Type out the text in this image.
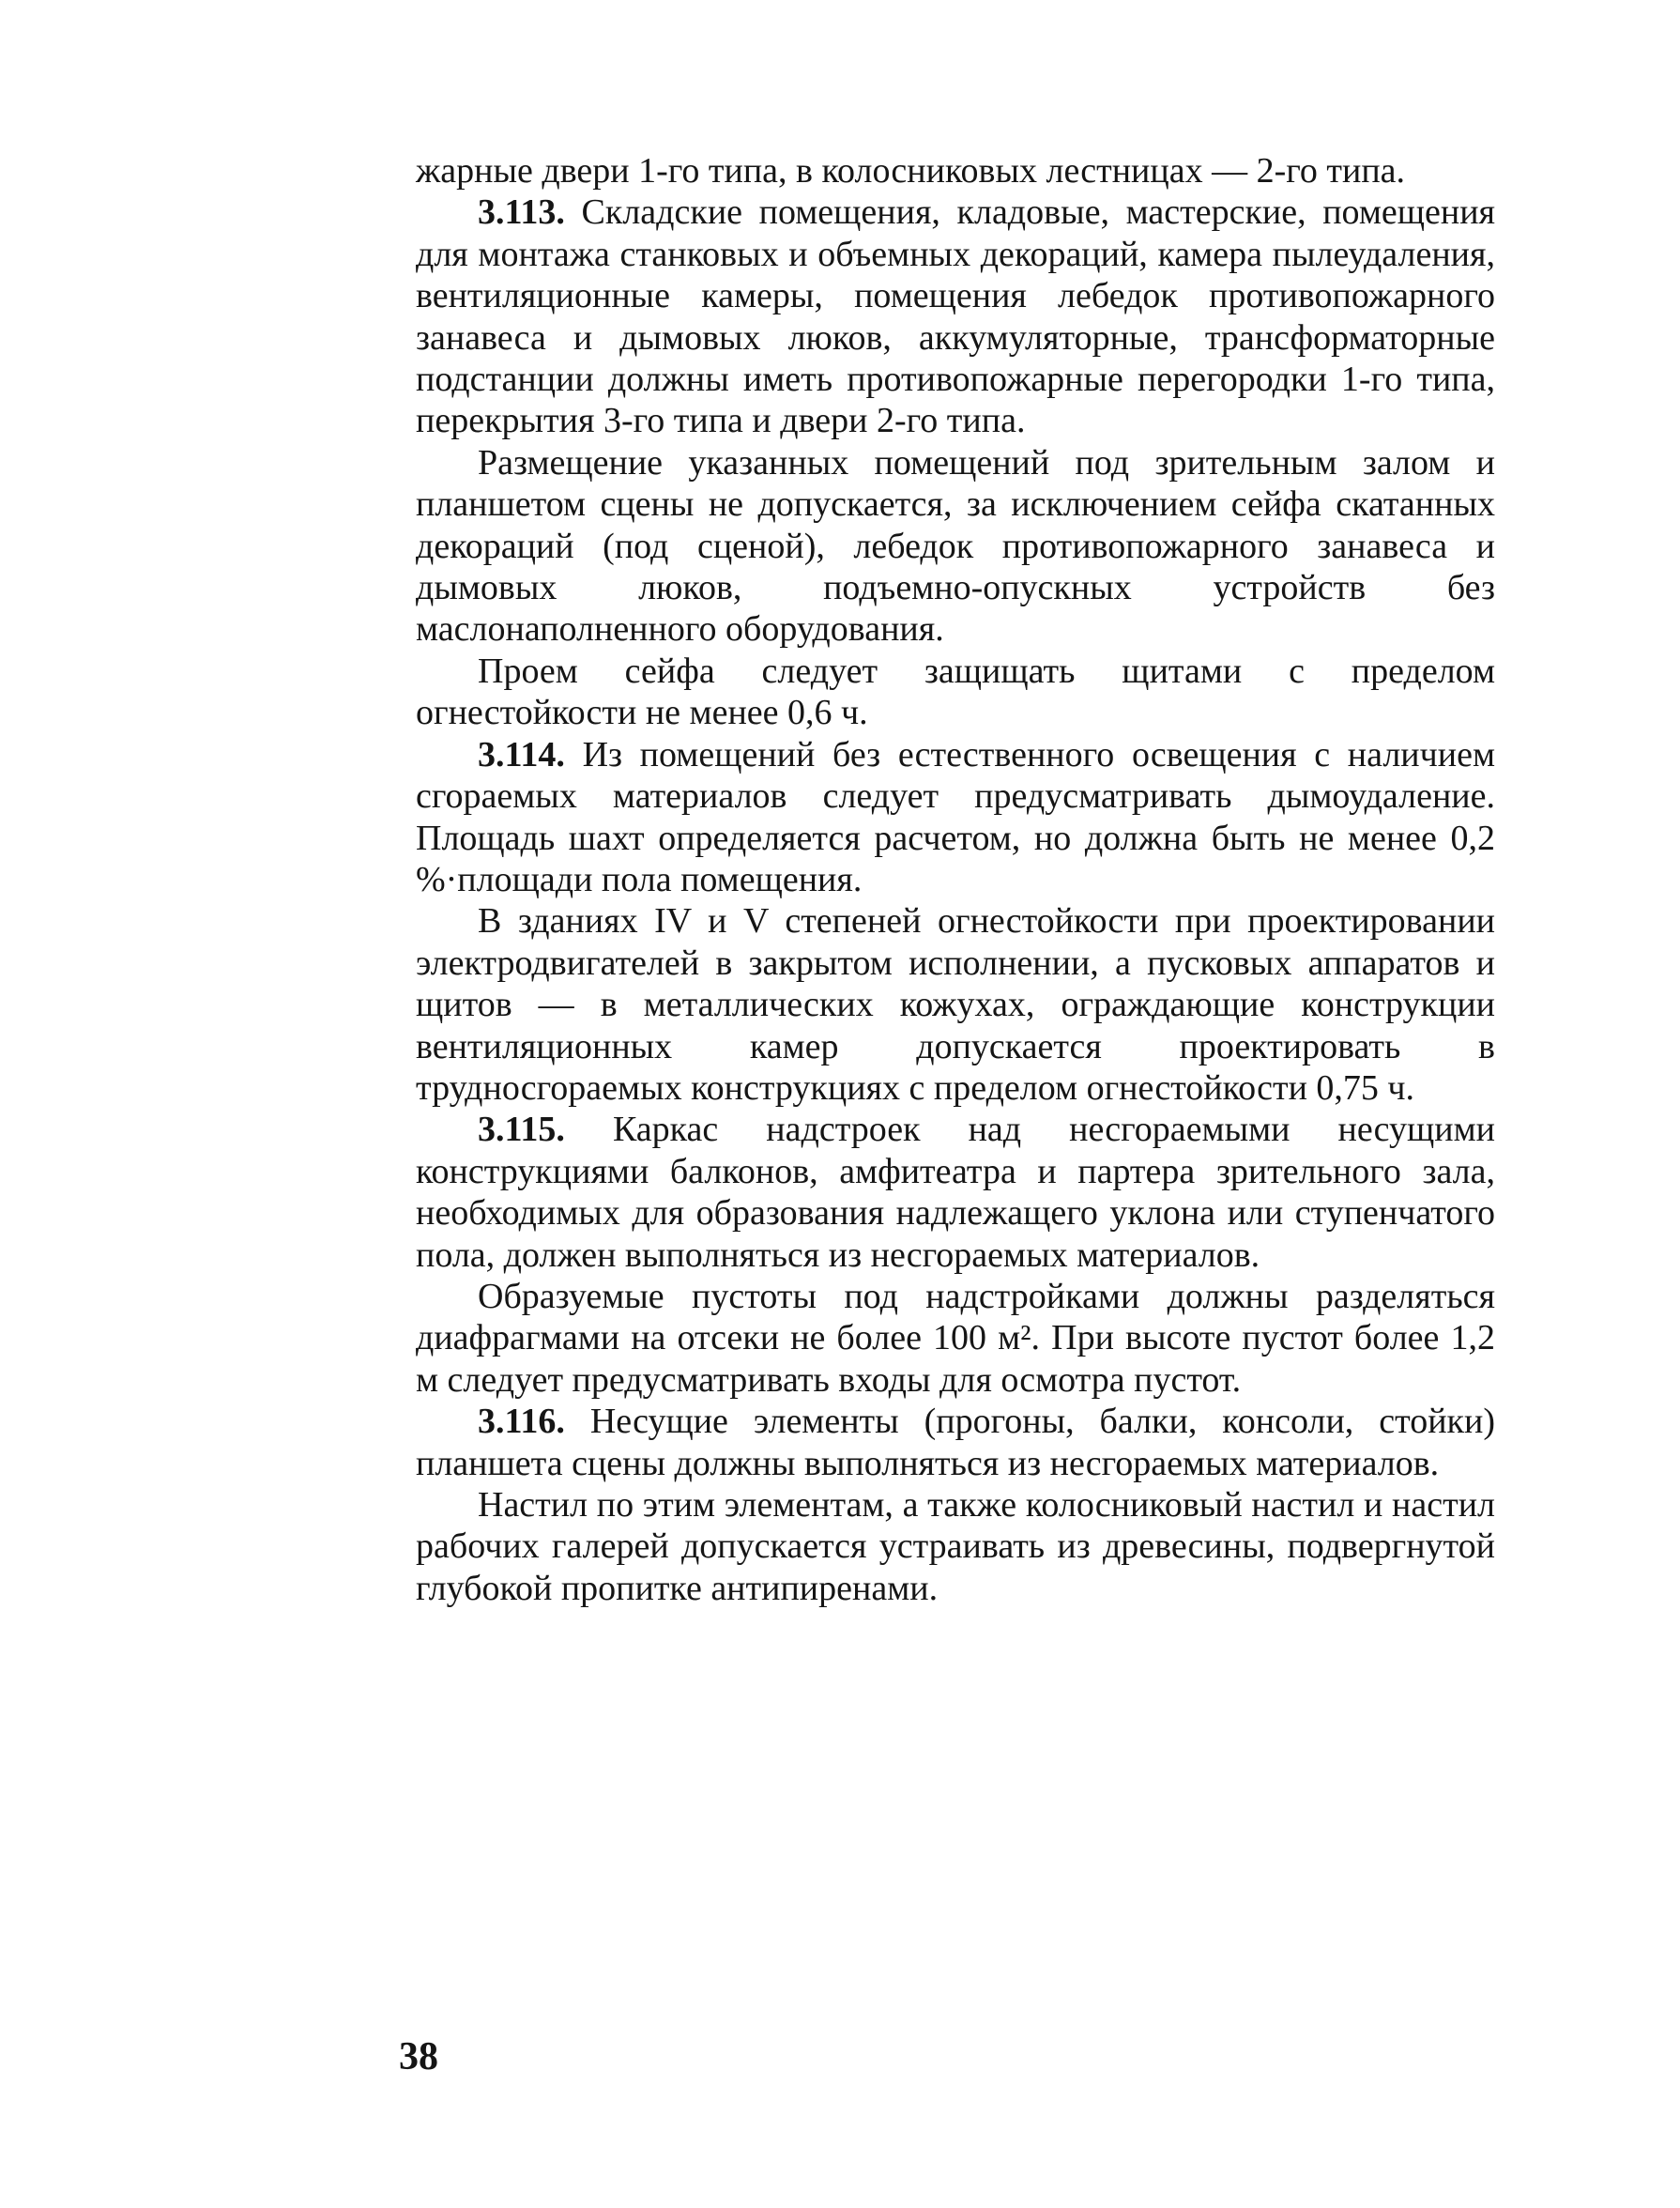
жарные двери 1-го типа, в колосниковых лестницах — 2-го типа.

3.113. Складские помещения, кладовые, мастерские, помещения для монтажа станковых и объемных декораций, камера пылеудаления, вентиляционные камеры, помещения лебедок противопожарного занавеса и дымовых люков, аккумуляторные, трансформаторные подстанции должны иметь противопожарные перегородки 1-го типа, перекрытия 3-го типа и двери 2-го типа.

Размещение указанных помещений под зрительным залом и планшетом сцены не допускается, за исключением сейфа скатанных декораций (под сценой), лебедок противопожарного занавеса и дымовых люков, подъемно-опускных устройств без маслонаполненного оборудования.

Проем сейфа следует защищать щитами с пределом огнестойкости не менее 0,6 ч.

3.114. Из помещений без естественного освещения с наличием сгораемых материалов следует предусматривать дымоудаление. Площадь шахт определяется расчетом, но должна быть не менее 0,2 %·площади пола помещения.

В зданиях IV и V степеней огнестойкости при проектировании электродвигателей в закрытом исполнении, а пусковых аппаратов и щитов — в металлических кожухах, ограждающие конструкции вентиляционных камер допускается проектировать в трудносгораемых конструкциях с пределом огнестойкости 0,75 ч.

3.115. Каркас надстроек над несгораемыми несущими конструкциями балконов, амфитеатра и партера зрительного зала, необходимых для образования надлежащего уклона или ступенчатого пола, должен выполняться из несгораемых материалов.

Образуемые пустоты под надстройками должны разделяться диафрагмами на отсеки не более 100 м². При высоте пустот более 1,2 м следует предусматривать входы для осмотра пустот.

3.116. Несущие элементы (прогоны, балки, консоли, стойки) планшета сцены должны выполняться из несгораемых материалов.

Настил по этим элементам, а также колосниковый настил и настил рабочих галерей допускается устраивать из древесины, подвергнутой глубокой пропитке антипиренами.

38
